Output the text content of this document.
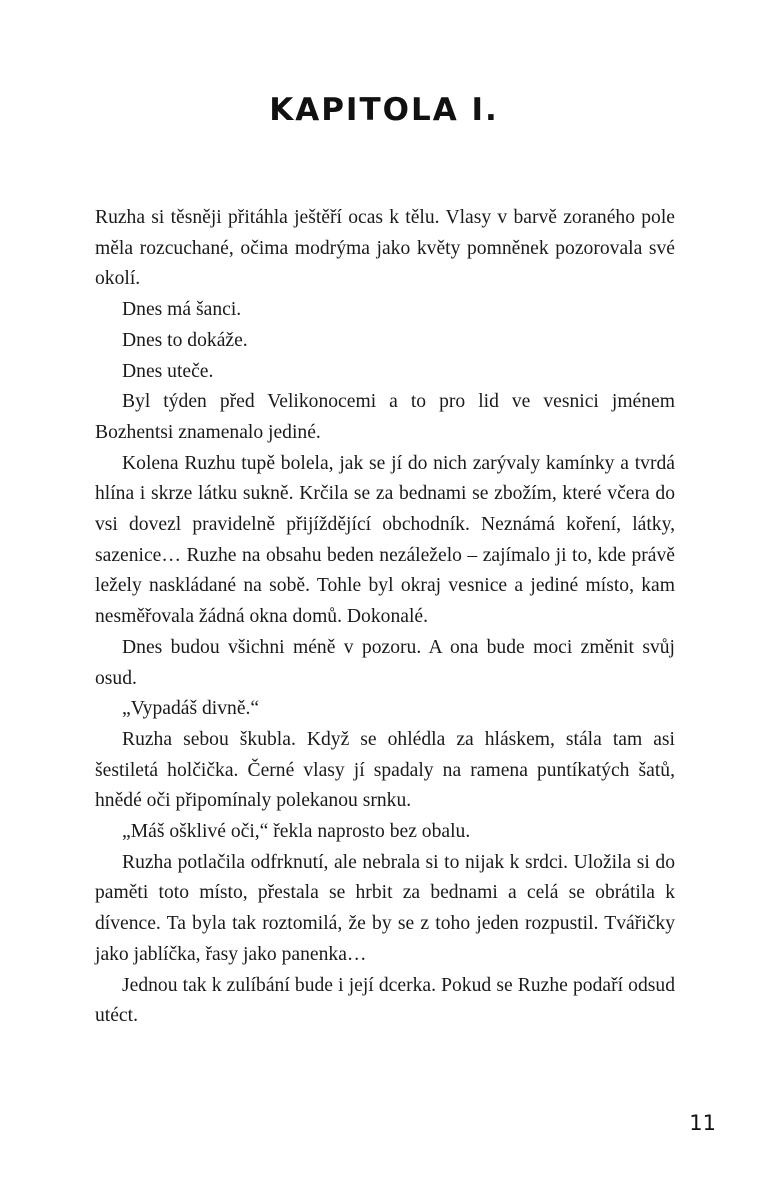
KAPITOLA I.

Ruzha si těsněji přitáhla ještěří ocas k tělu. Vlasy v barvě zoraného pole měla rozcuchané, očima modrýma jako květy pomněnek pozorovala své okolí.

Dnes má šanci.

Dnes to dokáže.

Dnes uteče.

Byl týden před Velikonocemi a to pro lid ve vesnici jménem Bozhentsi znamenalo jediné.

Kolena Ruzhu tupě bolela, jak se jí do nich zarývaly kamínky a tvrdá hlína i skrze látku sukně. Krčila se za bednami se zbožím, které včera do vsi dovezl pravidelně přijíždějící obchodník. Neznámá koření, látky, sazenice… Ruzhe na obsahu beden nezáleželo – zajímalo ji to, kde právě ležely naskládané na sobě. Tohle byl okraj vesnice a jediné místo, kam nesměřovala žádná okna domů. Dokonalé.

Dnes budou všichni méně v pozoru. A ona bude moci změnit svůj osud.

„Vypadáš divně.“

Ruzha sebou škubla. Když se ohlédla za hláskem, stála tam asi šestiletá holčička. Černé vlasy jí spadaly na ramena puntíkatých šatů, hnědé oči připomínaly polekanou srnku.

„Máš ošklivé oči,“ řekla naprosto bez obalu.

Ruzha potlačila odfrknutí, ale nebrala si to nijak k srdci. Uložila si do paměti toto místo, přestala se hrbit za bednami a celá se obrátila k dívence. Ta byla tak roztomilá, že by se z toho jeden rozpustil. Tvářičky jako jablíčka, řasy jako panenka…

Jednou tak k zulíbání bude i její dcerka. Pokud se Ruzhe podaří odsud utéct.

11
